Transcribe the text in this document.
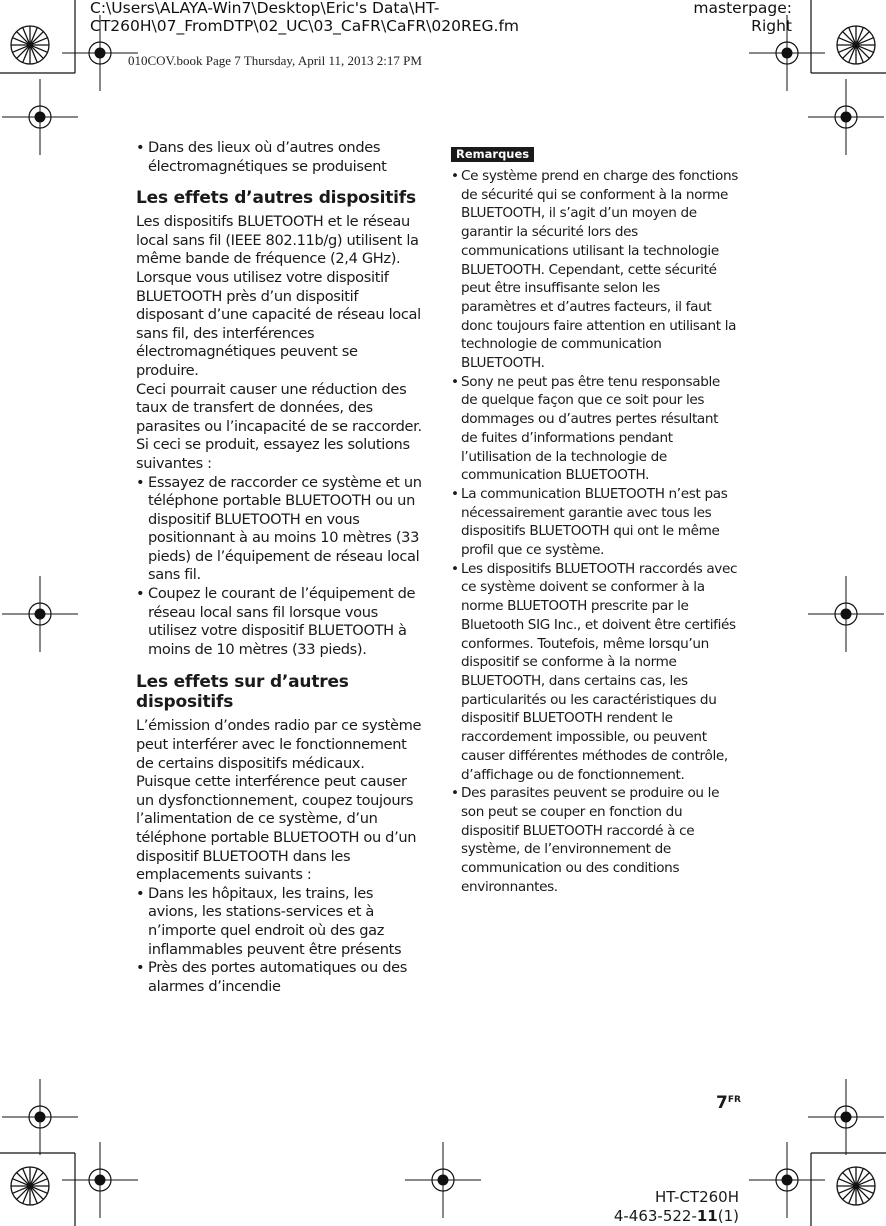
C:\Users\ALAYA-Win7\Desktop\Eric's Data\HT-
CT260H\07_FromDTP\02_UC\03_CaFR\CaFR\020REG.fm
masterpage:
Right
010COV.book Page 7 Thursday, April 11, 2013 2:17 PM

• Dans des lieux où d’autres ondes électromagnétiques se produisent

Les effets d’autres dispositifs

Les dispositifs BLUETOOTH et le réseau local sans fil (IEEE 802.11b/g) utilisent la même bande de fréquence (2,4 GHz). Lorsque vous utilisez votre dispositif BLUETOOTH près d’un dispositif disposant d’une capacité de réseau local sans fil, des interférences électromagnétiques peuvent se produire.

Ceci pourrait causer une réduction des taux de transfert de données, des parasites ou l’incapacité de se raccorder. Si ceci se produit, essayez les solutions suivantes :

• Essayez de raccorder ce système et un téléphone portable BLUETOOTH ou un dispositif BLUETOOTH en vous positionnant à au moins 10 mètres (33 pieds) de l’équipement de réseau local sans fil.

• Coupez le courant de l’équipement de réseau local sans fil lorsque vous utilisez votre dispositif BLUETOOTH à moins de 10 mètres (33 pieds).

Les effets sur d’autres dispositifs

L’émission d’ondes radio par ce système peut interférer avec le fonctionnement de certains dispositifs médicaux. Puisque cette interférence peut causer un dysfonctionnement, coupez toujours l’alimentation de ce système, d’un téléphone portable BLUETOOTH ou d’un dispositif BLUETOOTH dans les emplacements suivants :

• Dans les hôpitaux, les trains, les avions, les stations-services et à n’importe quel endroit où des gaz inflammables peuvent être présents

• Près des portes automatiques ou des alarmes d’incendie

Remarques

• Ce système prend en charge des fonctions de sécurité qui se conforment à la norme BLUETOOTH, il s’agit d’un moyen de garantir la sécurité lors des communications utilisant la technologie BLUETOOTH. Cependant, cette sécurité peut être insuffisante selon les paramètres et d’autres facteurs, il faut donc toujours faire attention en utilisant la technologie de communication BLUETOOTH.

• Sony ne peut pas être tenu responsable de quelque façon que ce soit pour les dommages ou d’autres pertes résultant de fuites d’informations pendant l’utilisation de la technologie de communication BLUETOOTH.

• La communication BLUETOOTH n’est pas nécessairement garantie avec tous les dispositifs BLUETOOTH qui ont le même profil que ce système.

• Les dispositifs BLUETOOTH raccordés avec ce système doivent se conformer à la norme BLUETOOTH prescrite par le Bluetooth SIG Inc., et doivent être certifiés conformes. Toutefois, même lorsqu’un dispositif se conforme à la norme BLUETOOTH, dans certains cas, les particularités ou les caractéristiques du dispositif BLUETOOTH rendent le raccordement impossible, ou peuvent causer différentes méthodes de contrôle, d’affichage ou de fonctionnement.

• Des parasites peuvent se produire ou le son peut se couper en fonction du dispositif BLUETOOTH raccordé à ce système, de l’environnement de communication ou des conditions environnantes.

$7^{FR}$
HT-CT260H
4-463-522-11(1)
